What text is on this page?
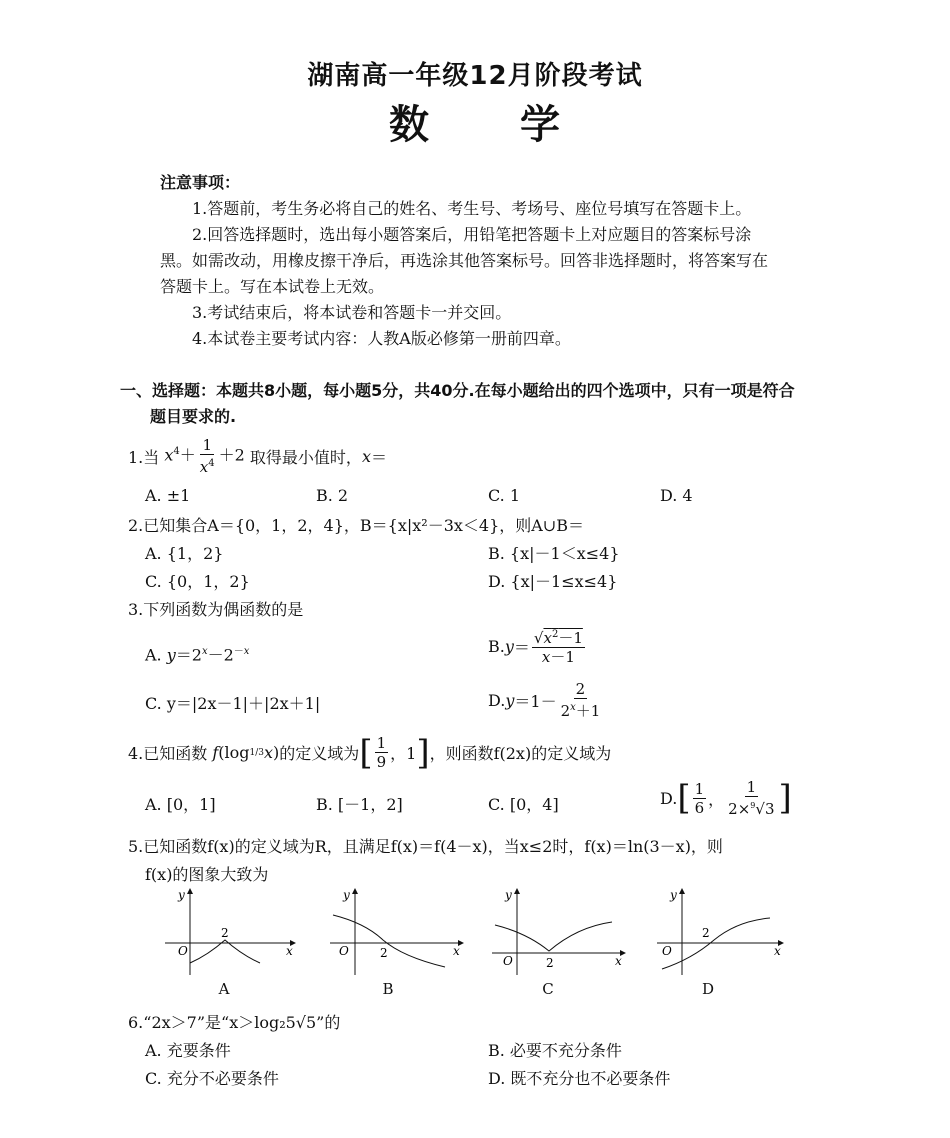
湖南高一年级12月阶段考试
数 学
注意事项：
1.答题前，考生务必将自己的姓名、考生号、考场号、座位号填写在答题卡上。
2.回答选择题时，选出每小题答案后，用铅笔把答题卡上对应题目的答案标号涂
黑。如需改动，用橡皮擦干净后，再选涂其他答案标号。回答非选择题时，将答案写在
答题卡上。写在本试卷上无效。
3.考试结束后，将本试卷和答题卡一并交回。
4.本试卷主要考试内容：人教A版必修第一册前四章。
一、选择题：本题共8小题，每小题5分，共40分.在每小题给出的四个选项中，只有一项是符合
题目要求的.
1.当 $x^4+ \frac{1}{x^4} +2$ 取得最小值时， x ＝
A. ±1	B. 2	C. 1	D. 4
2.已知集合A＝{0，1，2，4}，B＝{x|x²－3x＜4}，则A∪B＝
A. {1，2}	B. {x|－1＜x≤4}
C. {0，1，2}	D. {x|－1≤x≤4}
3.下列函数为偶函数的是
A. $y=2^x-2^{-x}$	B. $y = \frac{√x^2-1}{x-1}$
C. y＝|2x－1|＋|2x＋1|	D. $y =1- \frac{2}{2^x+1}$
4.已知函数
f (log 1/3 x ) 的定义域为 [ $\frac{1}{9}$ ，1 ] ，则函数f(2x)的定义域为
A. [0，1]	B. [－1，2]	C. [0，4]	D. [ $\frac{1}{6}$ ， $\frac{1}{2\times^9√3}$ ]
5.已知函数f(x)的定义域为R，且满足f(x)＝f(4－x)，当x≤2时，f(x)＝ln(3－x)，则
f(x)的图象大致为
O
y
x
2
O
y
x
2
O
y
x
2
O
y
x
2
A	B	C	D
6.“2x＞7”是“x＞log₂5√5”的
A. 充要条件	B. 必要不充分条件
C. 充分不必要条件	D. 既不充分也不必要条件
